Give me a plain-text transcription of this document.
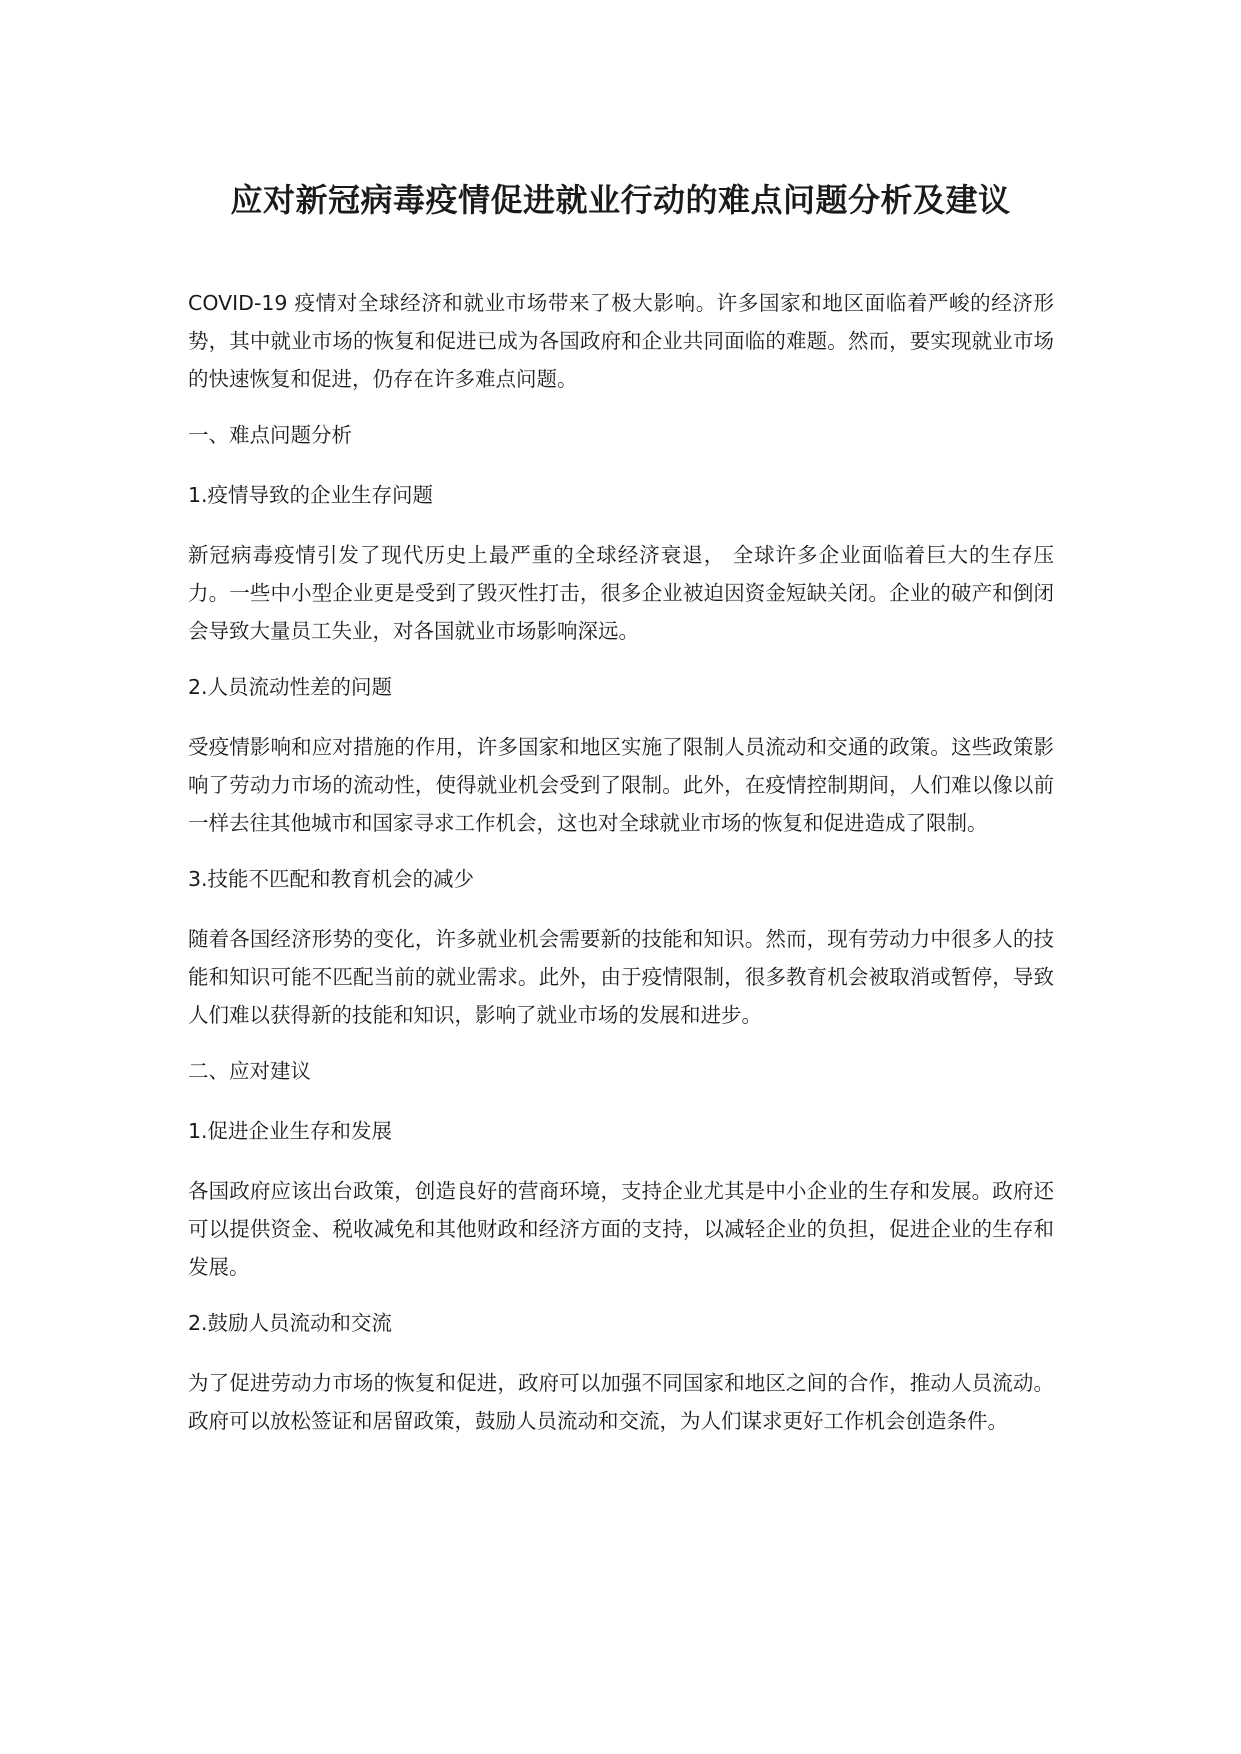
应对新冠病毒疫情促进就业行动的难点问题分析及建议

COVID-19 疫情对全球经济和就业市场带来了极大影响。许多国家和地区面临着严峻的经济形势，其中就业市场的恢复和促进已成为各国政府和企业共同面临的难题。然而，要实现就业市场的快速恢复和促进，仍存在许多难点问题。

一、难点问题分析

1.疫情导致的企业生存问题

新冠病毒疫情引发了现代历史上最严重的全球经济衰退， 全球许多企业面临着巨大的生存压力。一些中小型企业更是受到了毁灭性打击，很多企业被迫因资金短缺关闭。企业的破产和倒闭会导致大量员工失业，对各国就业市场影响深远。

2.人员流动性差的问题

受疫情影响和应对措施的作用，许多国家和地区实施了限制人员流动和交通的政策。这些政策影响了劳动力市场的流动性，使得就业机会受到了限制。此外，在疫情控制期间，人们难以像以前一样去往其他城市和国家寻求工作机会，这也对全球就业市场的恢复和促进造成了限制。

3.技能不匹配和教育机会的减少

随着各国经济形势的变化，许多就业机会需要新的技能和知识。然而，现有劳动力中很多人的技能和知识可能不匹配当前的就业需求。此外，由于疫情限制，很多教育机会被取消或暂停，导致人们难以获得新的技能和知识，影响了就业市场的发展和进步。

二、应对建议

1.促进企业生存和发展

各国政府应该出台政策，创造良好的营商环境，支持企业尤其是中小企业的生存和发展。政府还可以提供资金、税收减免和其他财政和经济方面的支持，以减轻企业的负担，促进企业的生存和发展。

2.鼓励人员流动和交流

为了促进劳动力市场的恢复和促进，政府可以加强不同国家和地区之间的合作，推动人员流动。政府可以放松签证和居留政策，鼓励人员流动和交流，为人们谋求更好工作机会创造条件。
